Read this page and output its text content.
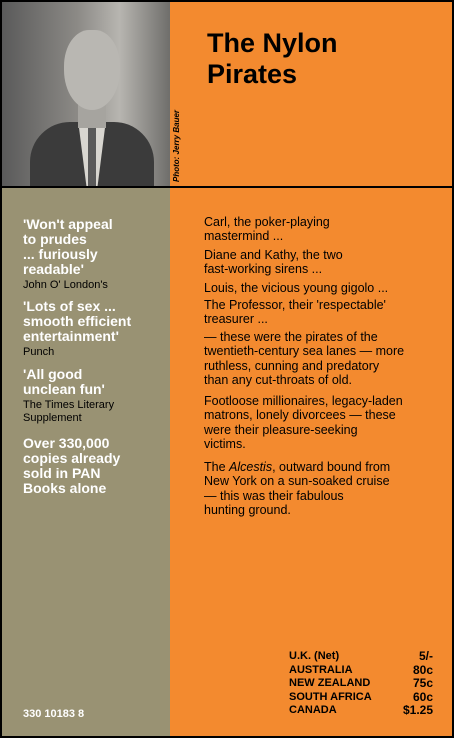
Photo: Jerry Bauer
The Nylon
Pirates

'Won't appeal
to prudes
... furiously
readable'

John O' London's

'Lots of sex ...
smooth efficient
entertainment'

Punch

'All good
unclean fun'

The Times Literary
Supplement

Over 330,000
copies already
sold in PAN
Books alone

330 10183 8

Carl, the poker-playing
mastermind ...

Diane and Kathy, the two
fast-working sirens ...

Louis, the vicious young gigolo ...

The Professor, their 'respectable'
treasurer ...

— these were the pirates of the
twentieth-century sea lanes — more
ruthless, cunning and predatory
than any cut-throats of old.

Footloose millionaires, legacy-laden
matrons, lonely divorcees — these
were their pleasure-seeking
victims.

The Alcestis, outward bound from
New York on a sun-soaked cruise
— this was their fabulous
hunting ground.

U.K. (Net)	5/-
AUSTRALIA	80c
NEW ZEALAND	75c
SOUTH AFRICA	60c
CANADA	$1.25
